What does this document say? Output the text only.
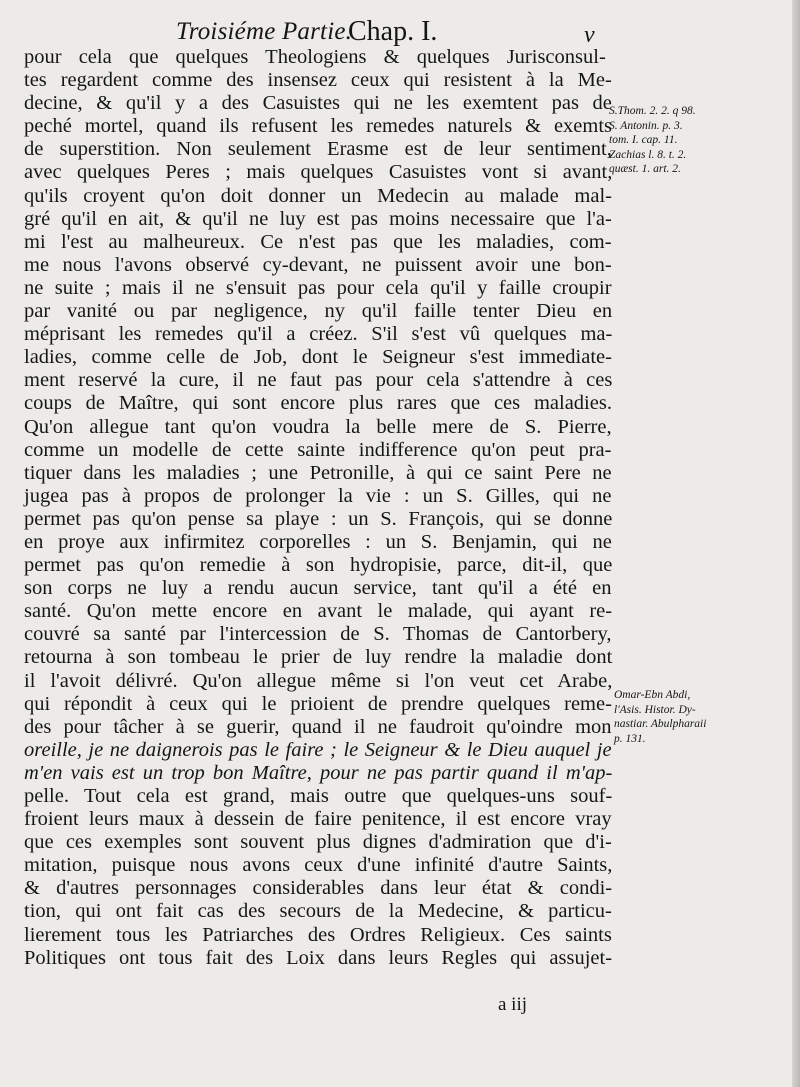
Troisiéme Partie.
Chap. I.	v
pour cela que quelques Theologiens & quelques Jurisconsul-
tes regardent comme des insensez ceux qui resistent à la Me-
decine, & qu'il y a des Casuistes qui ne les exemtent pas de
peché mortel, quand ils refusent les remedes naturels & exemts
de superstition. Non seulement Erasme est de leur sentiment,
avec quelques Peres ; mais quelques Casuistes vont si avant,
qu'ils croyent qu'on doit donner un Medecin au malade mal-
gré qu'il en ait, & qu'il ne luy est pas moins necessaire que l'a-
mi l'est au malheureux. Ce n'est pas que les maladies, com-
me nous l'avons observé cy-devant, ne puissent avoir une bon-
ne suite ; mais il ne s'ensuit pas pour cela qu'il y faille croupir
par vanité ou par negligence, ny qu'il faille tenter Dieu en
méprisant les remedes qu'il a créez. S'il s'est vû quelques ma-
ladies, comme celle de Job, dont le Seigneur s'est immediate-
ment reservé la cure, il ne faut pas pour cela s'attendre à ces
coups de Maître, qui sont encore plus rares que ces maladies.
Qu'on allegue tant qu'on voudra la belle mere de S. Pierre,
comme un modelle de cette sainte indifference qu'on peut pra-
tiquer dans les maladies ; une Petronille, à qui ce saint Pere ne
jugea pas à propos de prolonger la vie : un S. Gilles, qui ne
permet pas qu'on pense sa playe : un S. François, qui se donne
en proye aux infirmitez corporelles : un S. Benjamin, qui ne
permet pas qu'on remedie à son hydropisie, parce, dit-il, que
son corps ne luy a rendu aucun service, tant qu'il a été en
santé. Qu'on mette encore en avant le malade, qui ayant re-
couvré sa santé par l'intercession de S. Thomas de Cantorbery,
retourna à son tombeau le prier de luy rendre la maladie dont
il l'avoit délivré. Qu'on allegue même si l'on veut cet Arabe,
qui répondit à ceux qui le prioient de prendre quelques reme-
des pour tâcher à se guerir, quand il ne faudroit qu'oindre mon
oreille, je ne daignerois pas le faire ; le Seigneur & le Dieu auquel je
m'en vais est un trop bon Maître, pour ne pas partir quand il m'ap-
pelle. Tout cela est grand, mais outre que quelques-uns souf-
froient leurs maux à dessein de faire penitence, il est encore vray
que ces exemples sont souvent plus dignes d'admiration que d'i-
mitation, puisque nous avons ceux d'une infinité d'autre Saints,
& d'autres personnages considerables dans leur état & condi-
tion, qui ont fait cas des secours de la Medecine, & particu-
lierement tous les Patriarches des Ordres Religieux. Ces saints
Politiques ont tous fait des Loix dans leurs Regles qui assujet-
S.Thom. 2. 2. q 98.
S. Antonin. p. 3.
tom. I. cap. 11.
Zachias l. 8. t. 2.
quæst. 1. art. 2.
Omar-Ebn Abdi,
l'Asis. Histor. Dy-
nastiar. Abulpharaii
p. 131.
a iij
